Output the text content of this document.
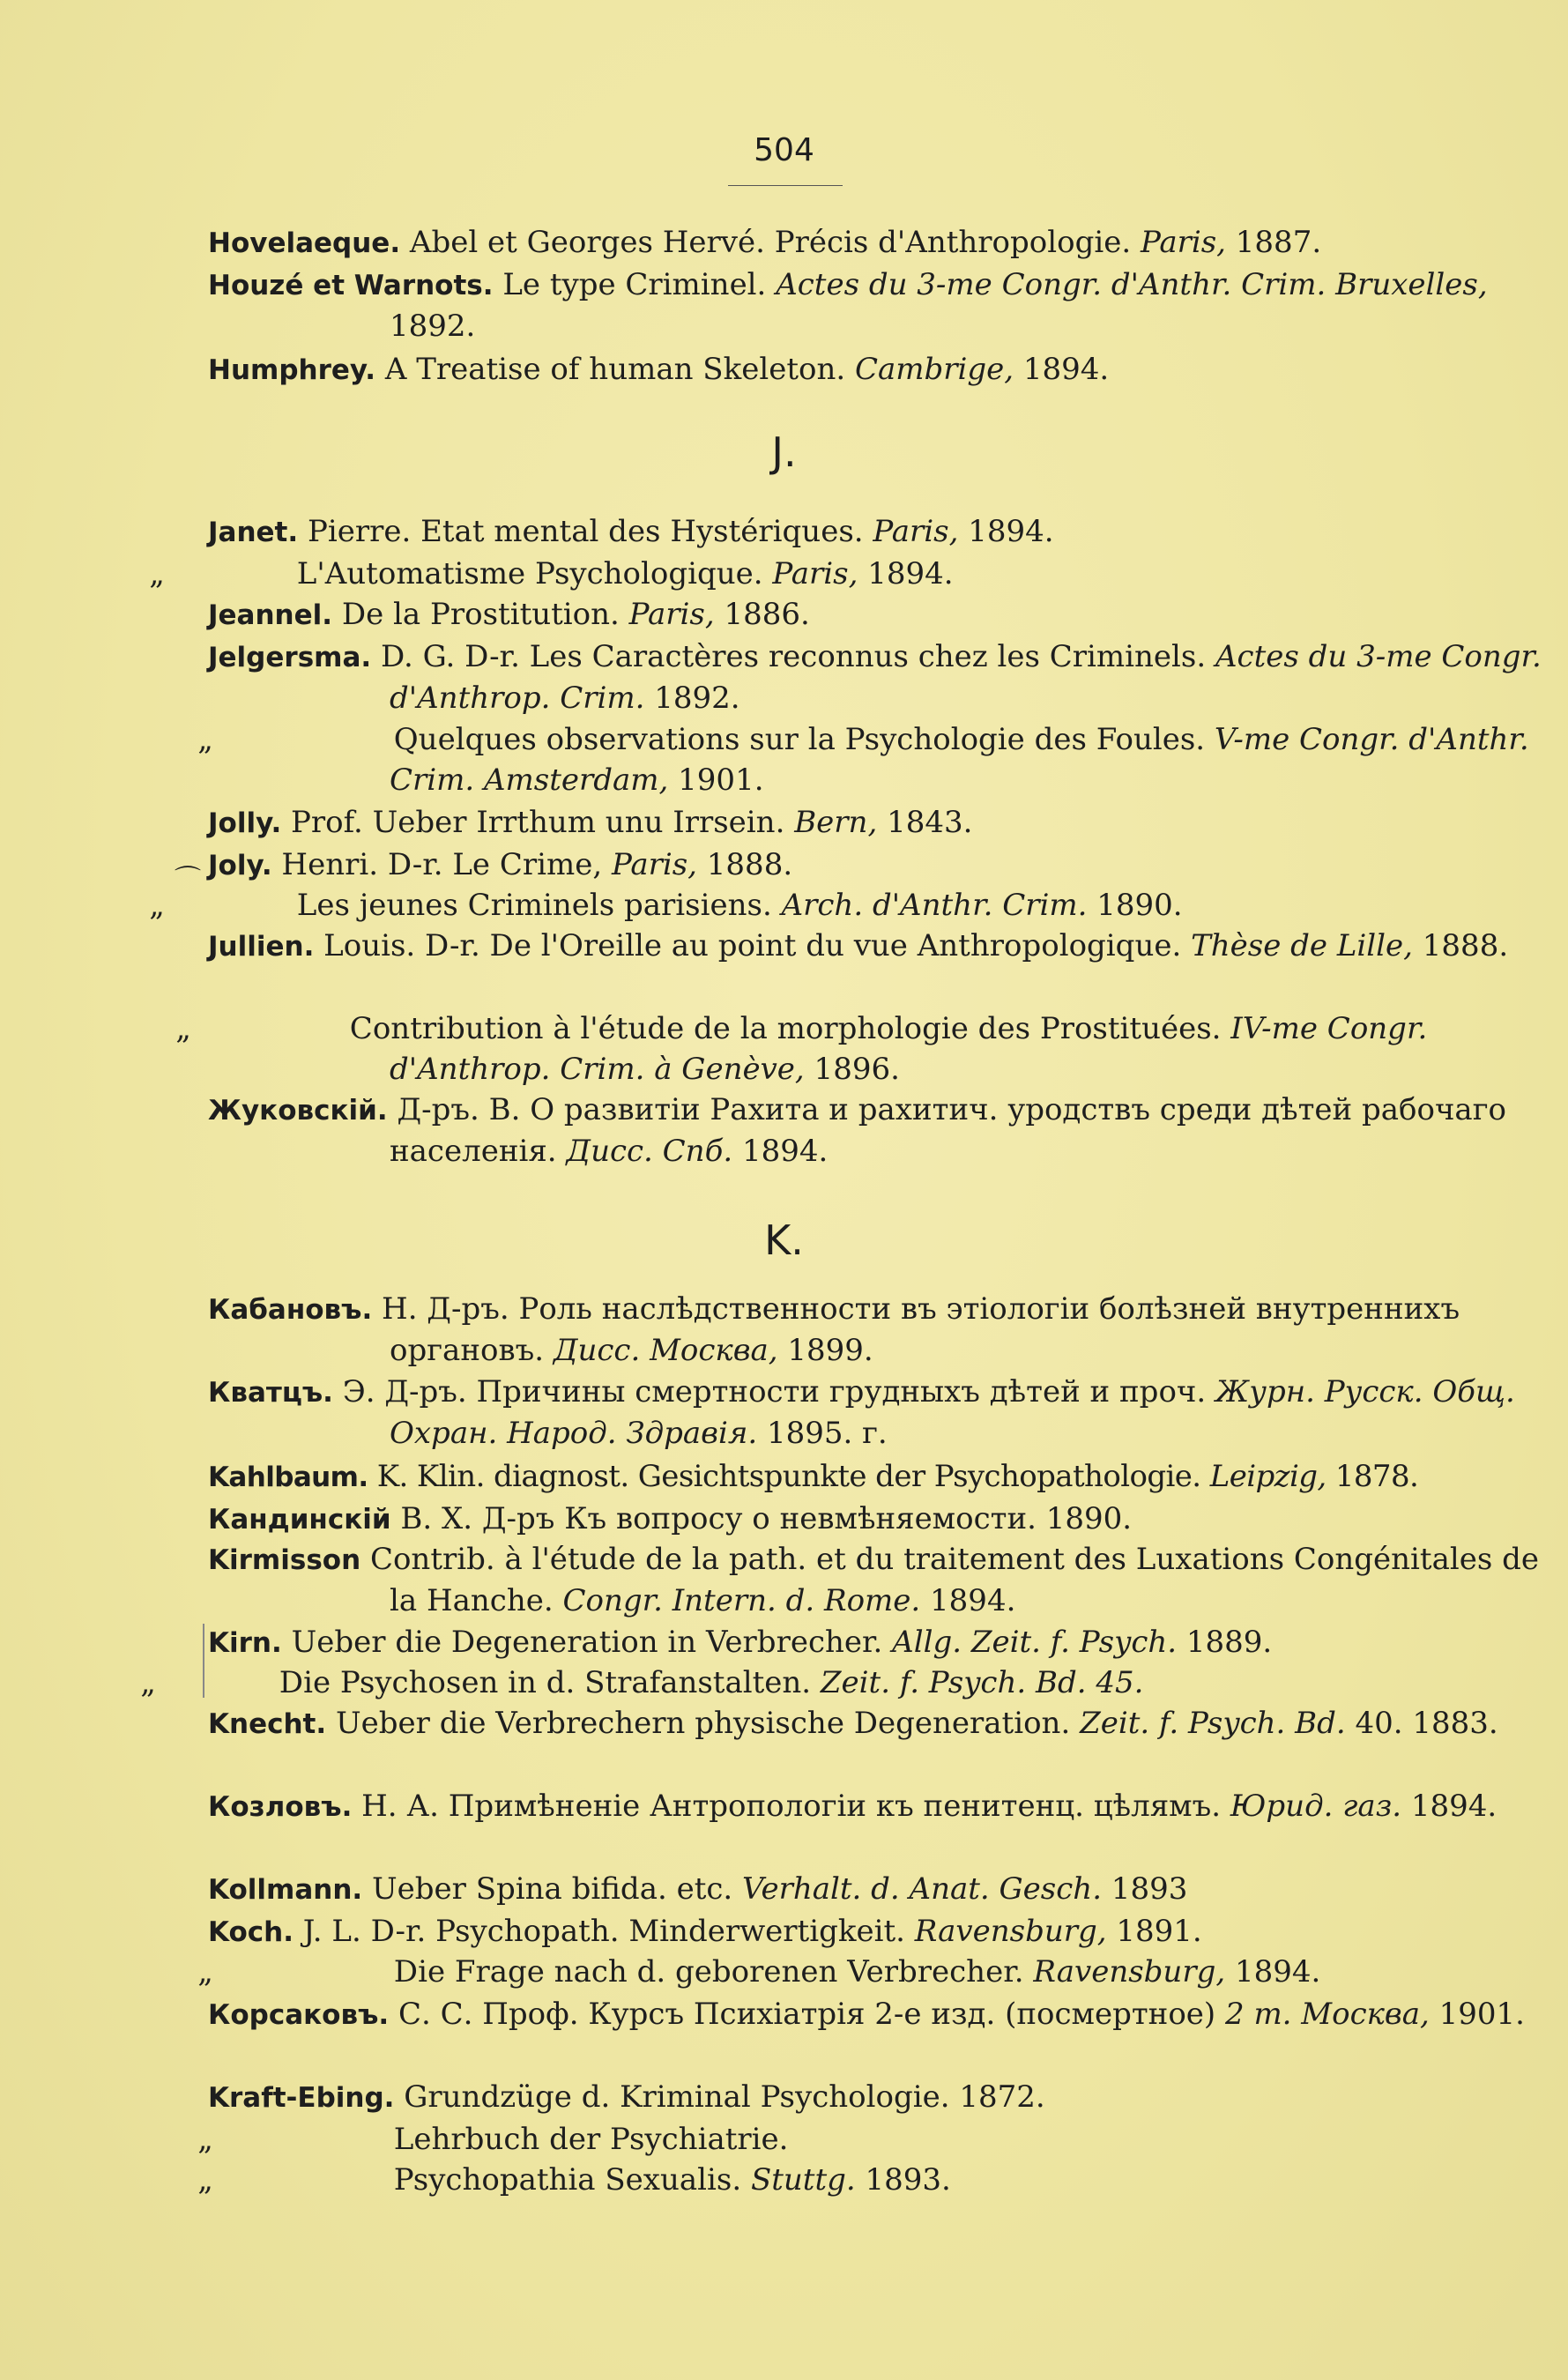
504
Hovelaeque. Abel et Georges Hervé. Précis d'Anthropologie. Paris, 1887.
Houzé et Warnots. Le type Criminel. Actes du 3-me Congr. d'Anthr. Crim. Bruxelles, 1892.
Humphrey. A Treatise of human Skeleton. Cambrige, 1894.
J.
Janet. Pierre. Etat mental des Hystériques. Paris, 1894.
„	L'Automatisme Psychologique. Paris, 1894.
Jeannel. De la Prostitution. Paris, 1886.
Jelgersma. D. G. D-r. Les Caractères reconnus chez les Criminels. Actes du 3-me Congr. d'Anthrop. Crim. 1892.
„	Quelques observations sur la Psychologie des Foules. V-me Congr. d'Anthr. Crim. Amsterdam, 1901.
Jolly. Prof. Ueber Irrthum unu Irrsein. Bern, 1843.
⌒ Joly. Henri. D-r. Le Crime, Paris, 1888.
„	Les jeunes Criminels parisiens. Arch. d'Anthr. Crim. 1890.
Jullien. Louis. D-r. De l'Oreille au point du vue Anthropologique. Thèse de Lille, 1888.
„	Contribution à l'étude de la morphologie des Prostituées. IV-me Congr. d'Anthrop. Crim. à Genève, 1896.
Жуковскій. Д-ръ. В. О развитіи Рахита и рахитич. уродствъ среди дѣтей рабочаго населенія. Дисс. Спб. 1894.
K.
Кабановъ. Н. Д-ръ. Роль наслѣдственности въ этіологіи болѣзней внутреннихъ органовъ. Дисс. Москва, 1899.
Кватцъ. Э. Д-ръ. Причины смертности грудныхъ дѣтей и проч. Журн. Русск. Общ. Охран. Народ. Здравія. 1895. г.
Kahlbaum. K. Klin. diagnost. Gesichtspunkte der Psychopathologie. Leipzig, 1878.
Кандинскій В. Х. Д-ръ Къ вопросу о невмѣняемости. 1890.
Kirmisson Contrib. à l'étude de la path. et du traitement des Luxations Congénitales de la Hanche. Congr. Intern. d. Rome. 1894.
Kirn. Ueber die Degeneration in Verbrecher. Allg. Zeit. f. Psych. 1889.
„	Die Psychosen in d. Strafanstalten. Zeit. f. Psych. Bd. 45.
Knecht. Ueber die Verbrechern physische Degeneration. Zeit. f. Psych. Bd. 40. 1883.
Козловъ. Н. А. Примѣненіе Антропологіи къ пенитенц. цѣлямъ. Юрид. газ. 1894.
Kollmann. Ueber Spina bifida. etc. Verhalt. d. Anat. Gesch. 1893
Koch. J. L. D-r. Psychopath. Minderwertigkeit. Ravensburg, 1891.
„	Die Frage nach d. geborenen Verbrecher. Ravensburg, 1894.
Корсаковъ. С. С. Проф. Курсъ Психіатрія 2-е изд. (посмертное) 2 т. Москва, 1901.
Kraft-Ebing. Grundzüge d. Kriminal Psychologie. 1872.
„	Lehrbuch der Psychiatrie.
„	Psychopathia Sexualis. Stuttg. 1893.
